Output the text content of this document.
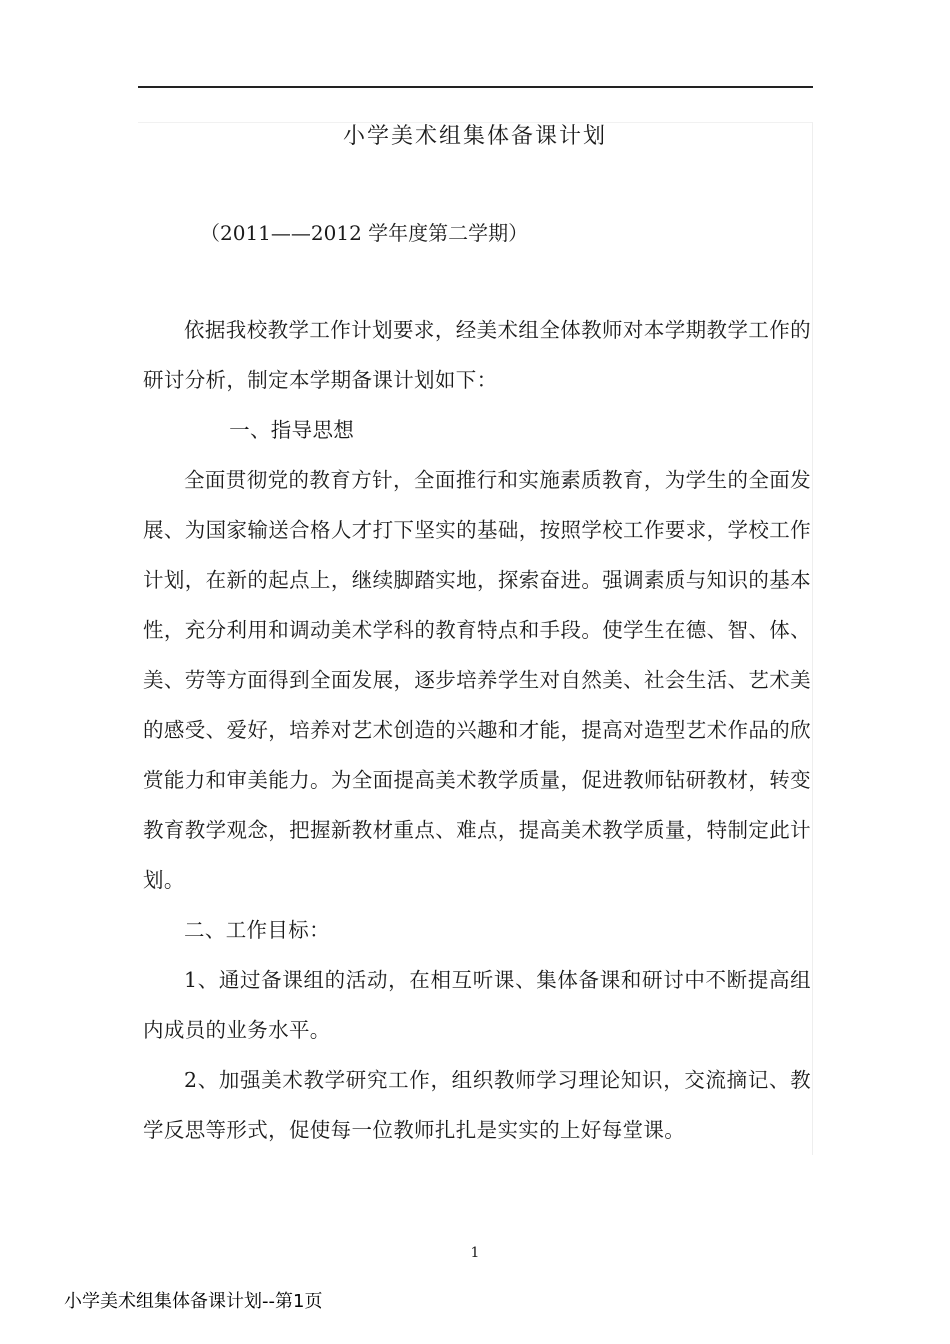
小学美术组集体备课计划
（2011——2012 学年度第二学期）

依据我校教学工作计划要求，经美术组全体教师对本学期教学工作的研讨分析，制定本学期备课计划如下：

一、指导思想

全面贯彻党的教育方针，全面推行和实施素质教育，为学生的全面发展、为国家输送合格人才打下坚实的基础，按照学校工作要求，学校工作计划，在新的起点上，继续脚踏实地，探索奋进。强调素质与知识的基本性，充分利用和调动美术学科的教育特点和手段。使学生在德、智、体、美、劳等方面得到全面发展，逐步培养学生对自然美、社会生活、艺术美的感受、爱好，培养对艺术创造的兴趣和才能，提高对造型艺术作品的欣赏能力和审美能力。为全面提高美术教学质量，促进教师钻研教材，转变教育教学观念，把握新教材重点、难点，提高美术教学质量，特制定此计划。

二、工作目标：

1、通过备课组的活动，在相互听课、集体备课和研讨中不断提高组内成员的业务水平。

2、加强美术教学研究工作，组织教师学习理论知识，交流摘记、教学反思等形式，促使每一位教师扎扎是实实的上好每堂课。

1
小学美术组集体备课计划--第1页
